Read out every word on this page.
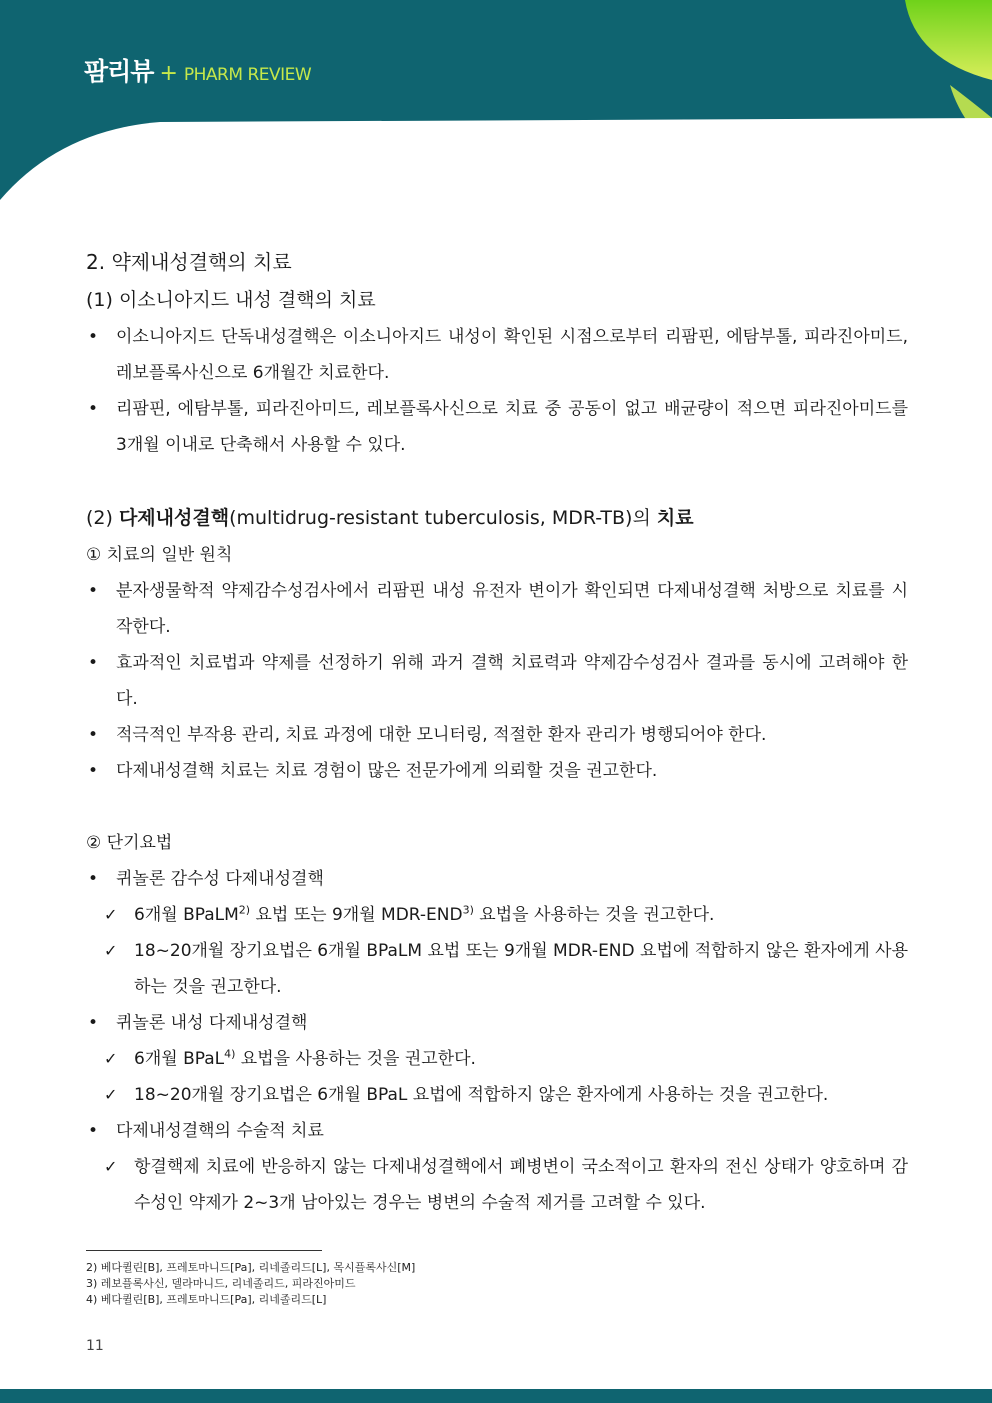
팜리뷰 + PHARM REVIEW
2. 약제내성결핵의 치료
(1) 이소니아지드 내성 결핵의 치료
• 이소니아지드 단독내성결핵은 이소니아지드 내성이 확인된 시점으로부터 리팜핀, 에탐부톨, 피라진아미드, 레보플록사신으로 6개월간 치료한다.
• 리팜핀, 에탐부톨, 피라진아미드, 레보플록사신으로 치료 중 공동이 없고 배균량이 적으면 피라진아미드를 3개월 이내로 단축해서 사용할 수 있다.
(2) 다제내성결핵(multidrug-resistant tuberculosis, MDR-TB)의 치료
① 치료의 일반 원칙
• 분자생물학적 약제감수성검사에서 리팜핀 내성 유전자 변이가 확인되면 다제내성결핵 처방으로 치료를 시작한다.
• 효과적인 치료법과 약제를 선정하기 위해 과거 결핵 치료력과 약제감수성검사 결과를 동시에 고려해야 한다.
• 적극적인 부작용 관리, 치료 과정에 대한 모니터링, 적절한 환자 관리가 병행되어야 한다.
• 다제내성결핵 치료는 치료 경험이 많은 전문가에게 의뢰할 것을 권고한다.
② 단기요법
• 퀴놀론 감수성 다제내성결핵
✓ 6개월 BPaLM$^{2)}$ 요법 또는 9개월 MDR-END$^{3)}$ 요법을 사용하는 것을 권고한다.
✓ 18~20개월 장기요법은 6개월 BPaLM 요법 또는 9개월 MDR-END 요법에 적합하지 않은 환자에게 사용하는 것을 권고한다.
• 퀴놀론 내성 다제내성결핵
✓ 6개월 BPaL$^{4)}$ 요법을 사용하는 것을 권고한다.
✓ 18~20개월 장기요법은 6개월 BPaL 요법에 적합하지 않은 환자에게 사용하는 것을 권고한다.
• 다제내성결핵의 수술적 치료
✓ 항결핵제 치료에 반응하지 않는 다제내성결핵에서 폐병변이 국소적이고 환자의 전신 상태가 양호하며 감수성인 약제가 2~3개 남아있는 경우는 병변의 수술적 제거를 고려할 수 있다.
2) 베다퀼린[B], 프레토마니드[Pa], 리네졸리드[L], 목시플록사신[M]
3) 레보플록사신, 델라마니드, 리네졸리드, 피라진아미드
4) 베다퀼린[B], 프레토마니드[Pa], 리네졸리드[L]
11
